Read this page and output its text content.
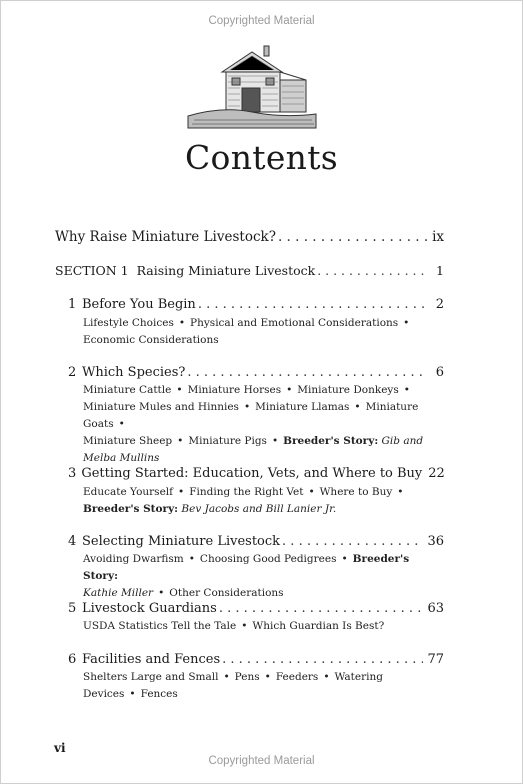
Copyrighted Material
Contents
Why Raise Miniature Livestock? . . .	ix
SECTION 1  Raising Miniature Livestock . . .	1
1 Before You Begin . . .	2
Lifestyle Choices • Physical and Emotional Considerations •
Economic Considerations
2 Which Species? . . .	6
Miniature Cattle • Miniature Horses • Miniature Donkeys •
Miniature Mules and Hinnies • Miniature Llamas • Miniature Goats •
Miniature Sheep • Miniature Pigs • Breeder's Story: Gib and Melba Mullins
3 Getting Started: Education, Vets, and Where to Buy 22
Educate Yourself • Finding the Right Vet • Where to Buy •
Breeder's Story: Bev Jacobs and Bill Lanier Jr.
4 Selecting Miniature Livestock . . .	36
Avoiding Dwarfism • Choosing Good Pedigrees • Breeder's Story:
Kathie Miller • Other Considerations
5 Livestock Guardians . . .	63
USDA Statistics Tell the Tale • Which Guardian Is Best?
6 Facilities and Fences . . .	77
Shelters Large and Small • Pens • Feeders • Watering Devices • Fences
vi
Copyrighted Material
